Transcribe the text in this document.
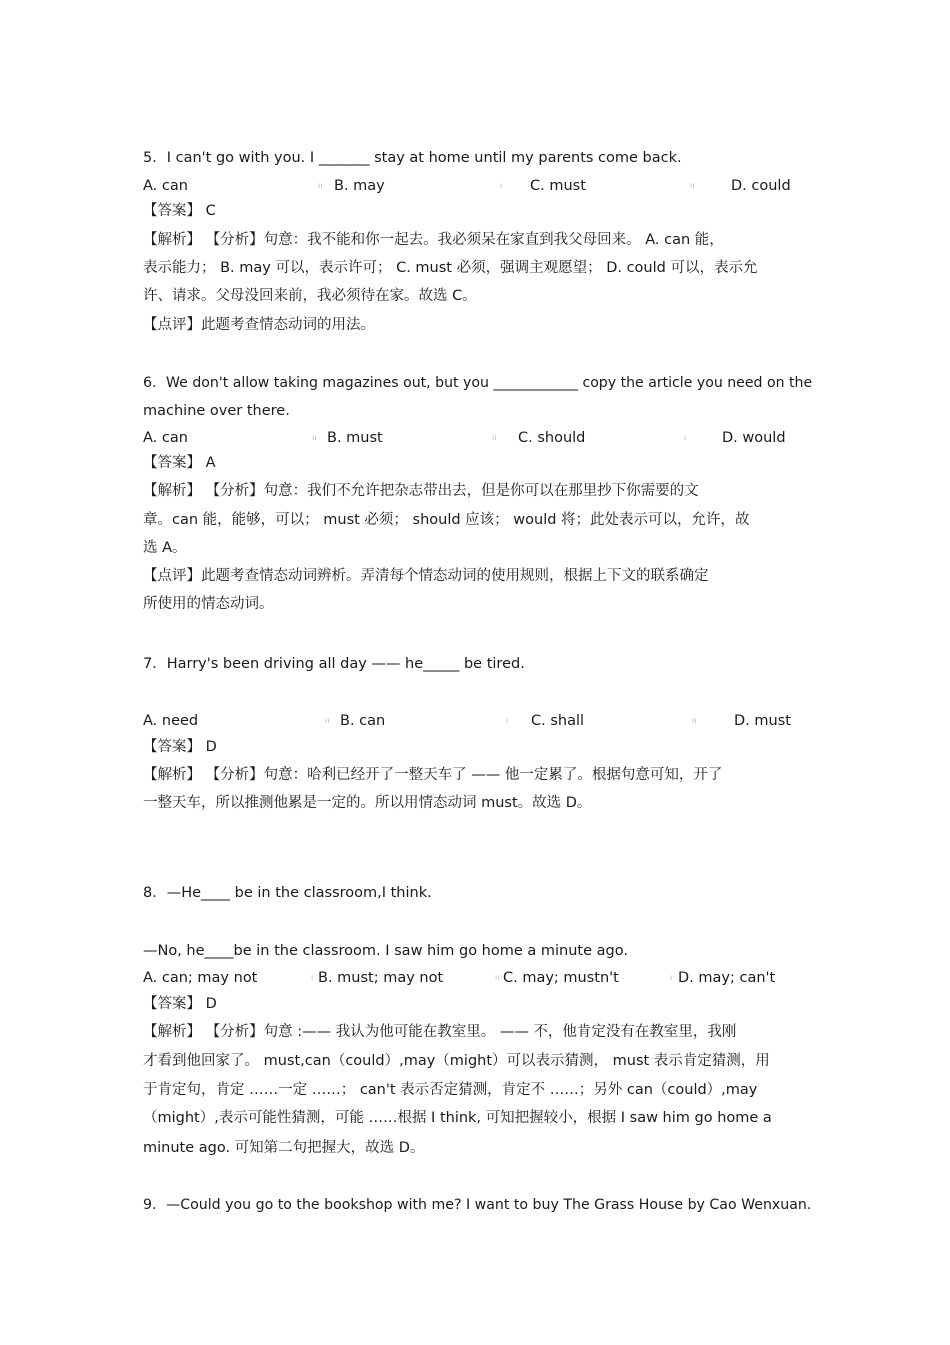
5．I can't go with you. I _______ stay at home until my parents come back.
A. can	ıı B. may	ı C. must	ıı	D. could
【答案】 C
【解析】 【分析】句意：我不能和你一起去。我必须呆在家直到我父母回来。 A. can 能，
表示能力； B. may 可以，表示许可； C. must 必须，强调主观愿望； D. could 可以，表示允
许、请求。父母没回来前，我必须待在家。故选 C。
【点评】此题考查情态动词的用法。
6．We don't allow taking magazines out, but you ____________ copy the article you need on the
machine over there.
A. can	ıı B. must	ıı C. should	ı D. would
【答案】 A
【解析】 【分析】句意：我们不允许把杂志带出去，但是你可以在那里抄下你需要的文
章。can 能，能够，可以； must 必须； should 应该； would 将；此处表示可以，允许，故
选 A。
【点评】此题考查情态动词辨析。弄清每个情态动词的使用规则，根据上下文的联系确定
所使用的情态动词。
7．Harry's been driving all day —— he_____ be tired.
A. need	ıı B. can	ı C. shall	ıı	D. must
【答案】 D
【解析】 【分析】句意：哈利已经开了一整天车了 —— 他一定累了。根据句意可知，开了
一整天车，所以推测他累是一定的。所以用情态动词 must。故选 D。
8．—He____ be in the classroom,I think.
—No, he____be in the classroom. I saw him go home a minute ago.
A. can; may not	ı B. must; may not	ıı C. may; mustn't	ı D. may; can't
【答案】 D
【解析】 【分析】句意 :—— 我认为他可能在教室里。 —— 不，他肯定没有在教室里，我刚
才看到他回家了。 must,can（could）,may（might）可以表示猜测， must 表示肯定猜测，用
于肯定句，肯定 ……一定 ……； can't 表示否定猜测，肯定不 ……；另外 can（could）,may
（might）,表示可能性猜测，可能 ……根据 I think, 可知把握较小，根据 I saw him go home a
minute ago. 可知第二句把握大，故选 D。
9．—Could you go to the bookshop with me? I want to buy The Grass House by Cao Wenxuan.
